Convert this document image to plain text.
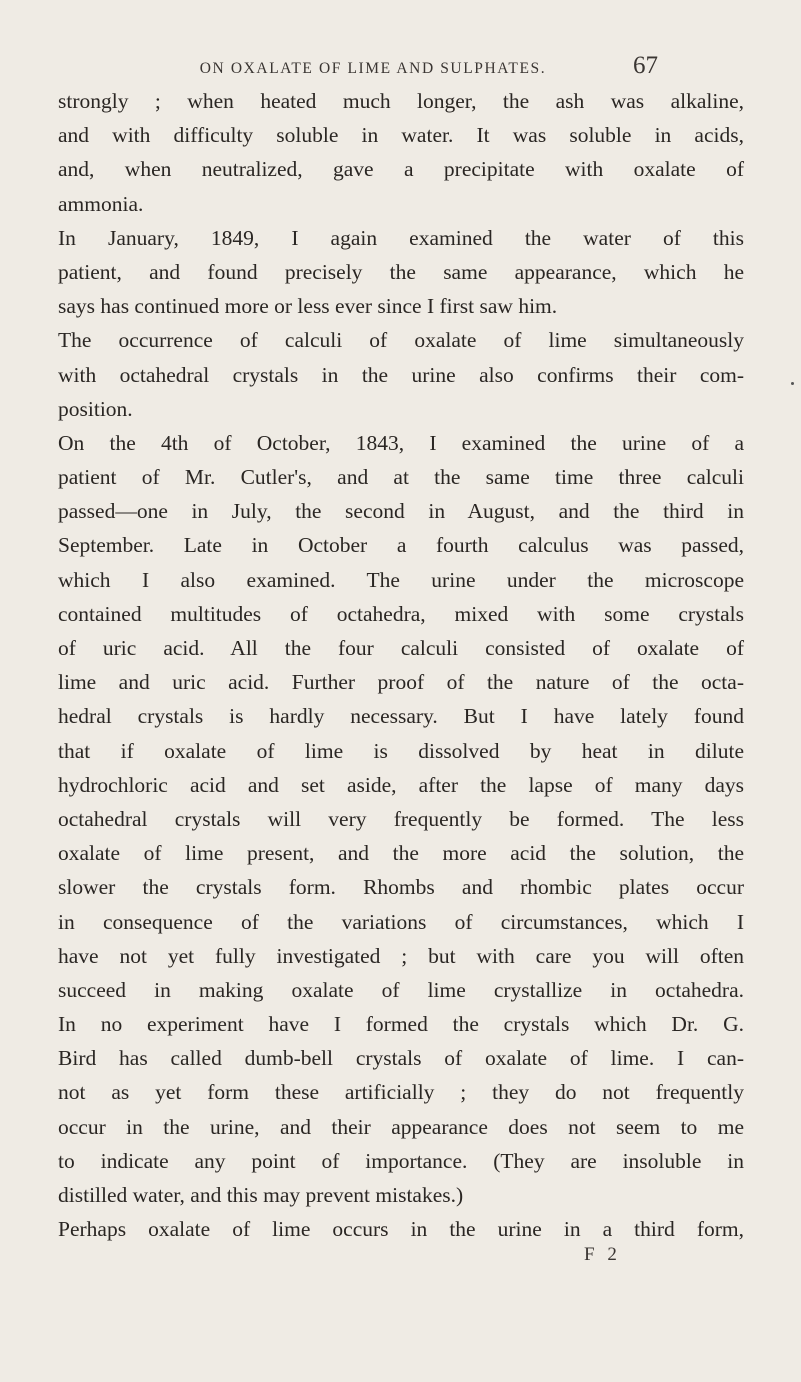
ON OXALATE OF LIME AND SULPHATES.	67
strongly ; when heated much longer, the ash was alkaline,
and with difficulty soluble in water. It was soluble in acids,
and, when neutralized, gave a precipitate with oxalate of
ammonia.
In January, 1849, I again examined the water of this
patient, and found precisely the same appearance, which he
says has continued more or less ever since I first saw him.
The occurrence of calculi of oxalate of lime simultaneously
with octahedral crystals in the urine also confirms their com-
position.
On the 4th of October, 1843, I examined the urine of a
patient of Mr. Cutler's, and at the same time three calculi
passed—one in July, the second in August, and the third in
September. Late in October a fourth calculus was passed,
which I also examined. The urine under the microscope
contained multitudes of octahedra, mixed with some crystals
of uric acid. All the four calculi consisted of oxalate of
lime and uric acid. Further proof of the nature of the octa-
hedral crystals is hardly necessary. But I have lately found
that if oxalate of lime is dissolved by heat in dilute
hydrochloric acid and set aside, after the lapse of many days
octahedral crystals will very frequently be formed. The less
oxalate of lime present, and the more acid the solution, the
slower the crystals form. Rhombs and rhombic plates occur
in consequence of the variations of circumstances, which I
have not yet fully investigated ; but with care you will often
succeed in making oxalate of lime crystallize in octahedra.
In no experiment have I formed the crystals which Dr. G.
Bird has called dumb-bell crystals of oxalate of lime. I can-
not as yet form these artificially ; they do not frequently
occur in the urine, and their appearance does not seem to me
to indicate any point of importance. (They are insoluble in
distilled water, and this may prevent mistakes.)
Perhaps oxalate of lime occurs in the urine in a third form,
F 2
